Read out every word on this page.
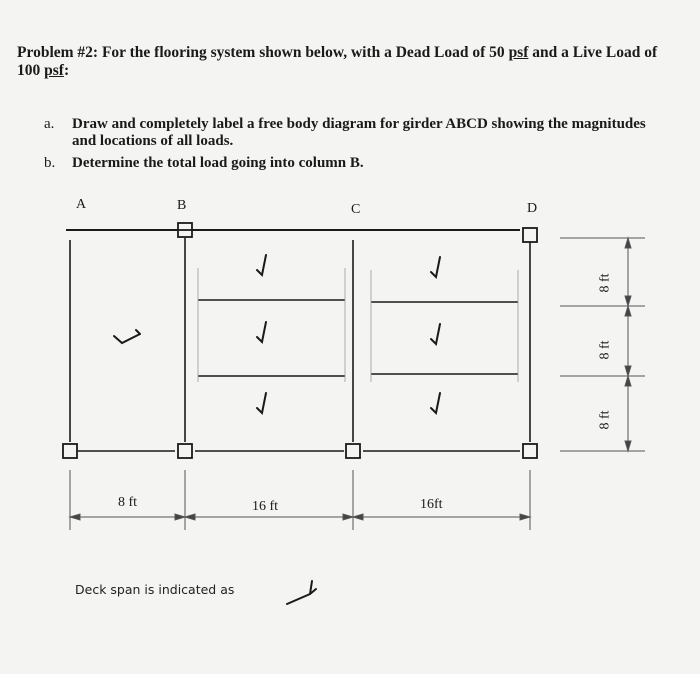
Problem #2: For the flooring system shown below, with a Dead Load of 50 psf and a Live Load of 100 psf:
a. Draw and completely label a free body diagram for girder ABCD showing the magnitudes and locations of all loads.
b. Determine the total load going into column B.
A	B	C	D
8 ft	16 ft	16ft
8 ft
8 ft
8 ft
Deck span is indicated as
